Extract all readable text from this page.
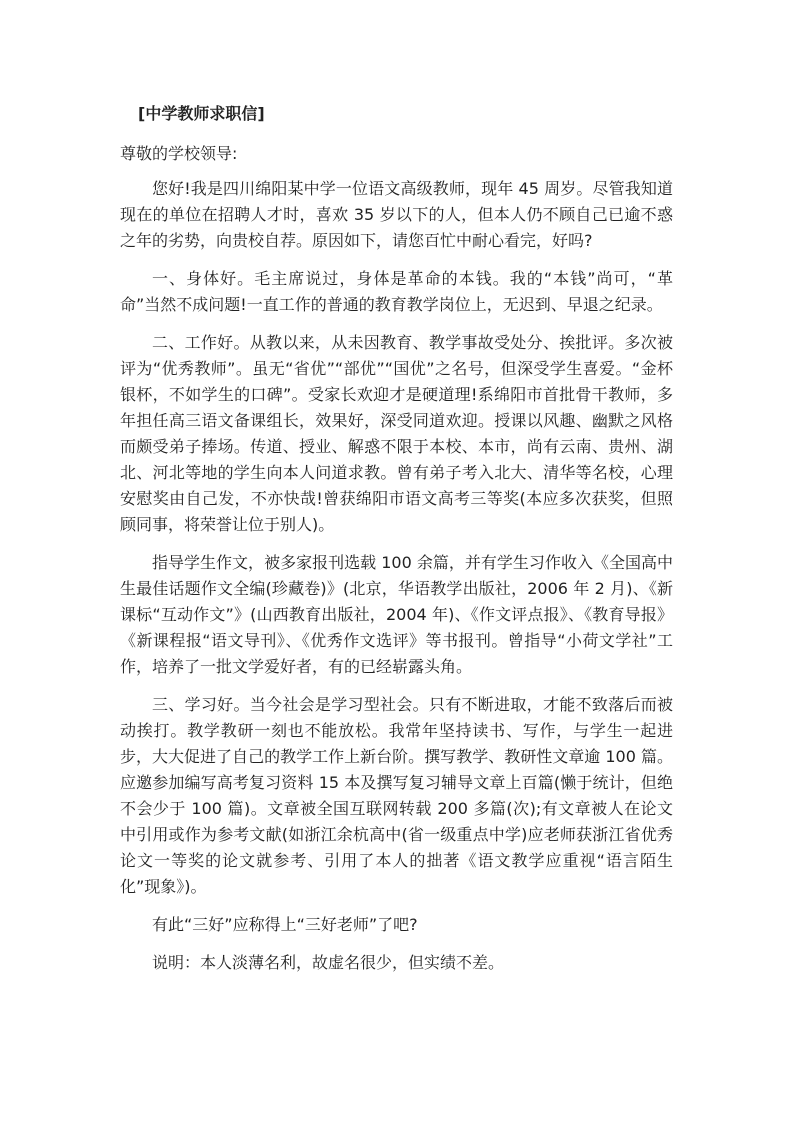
[中学教师求职信]
尊敬的学校领导:

您好!我是四川绵阳某中学一位语文高级教师，现年 45 周岁。尽管我知道现在的单位在招聘人才时，喜欢 35 岁以下的人，但本人仍不顾自己已逾不惑之年的劣势，向贵校自荐。原因如下，请您百忙中耐心看完，好吗?

一、身体好。毛主席说过，身体是革命的本钱。我的“本钱”尚可，“革命”当然不成问题!一直工作的普通的教育教学岗位上，无迟到、早退之纪录。

二、工作好。从教以来，从未因教育、教学事故受处分、挨批评。多次被评为“优秀教师”。虽无“省优”“部优”“国优”之名号，但深受学生喜爱。“金杯银杯，不如学生的口碑”。受家长欢迎才是硬道理!系绵阳市首批骨干教师，多年担任高三语文备课组长，效果好，深受同道欢迎。授课以风趣、幽默之风格而颇受弟子捧场。传道、授业、解惑不限于本校、本市，尚有云南、贵州、湖北、河北等地的学生向本人问道求教。曾有弟子考入北大、清华等名校，心理安慰奖由自己发，不亦快哉!曾获绵阳市语文高考三等奖(本应多次获奖，但照顾同事，将荣誉让位于别人)。

指导学生作文，被多家报刊选载 100 余篇，并有学生习作收入《全国高中生最佳话题作文全编(珍藏卷)》(北京，华语教学出版社，2006 年 2 月)、《新课标“互动作文”》(山西教育出版社，2004 年)、《作文评点报》、《教育导报》《新课程报“语文导刊》、《优秀作文选评》等书报刊。曾指导“小荷文学社”工作，培养了一批文学爱好者，有的已经崭露头角。

三、学习好。当今社会是学习型社会。只有不断进取，才能不致落后而被动挨打。教学教研一刻也不能放松。我常年坚持读书、写作，与学生一起进步，大大促进了自己的教学工作上新台阶。撰写教学、教研性文章逾 100 篇。应邀参加编写高考复习资料 15 本及撰写复习辅导文章上百篇(懒于统计，但绝不会少于 100 篇)。文章被全国互联网转载 200 多篇(次);有文章被人在论文中引用或作为参考文献(如浙江余杭高中(省一级重点中学)应老师获浙江省优秀论文一等奖的论文就参考、引用了本人的拙著《语文教学应重视“语言陌生化”现象》)。

有此“三好”应称得上“三好老师”了吧?

说明：本人淡薄名利，故虚名很少，但实绩不差。
